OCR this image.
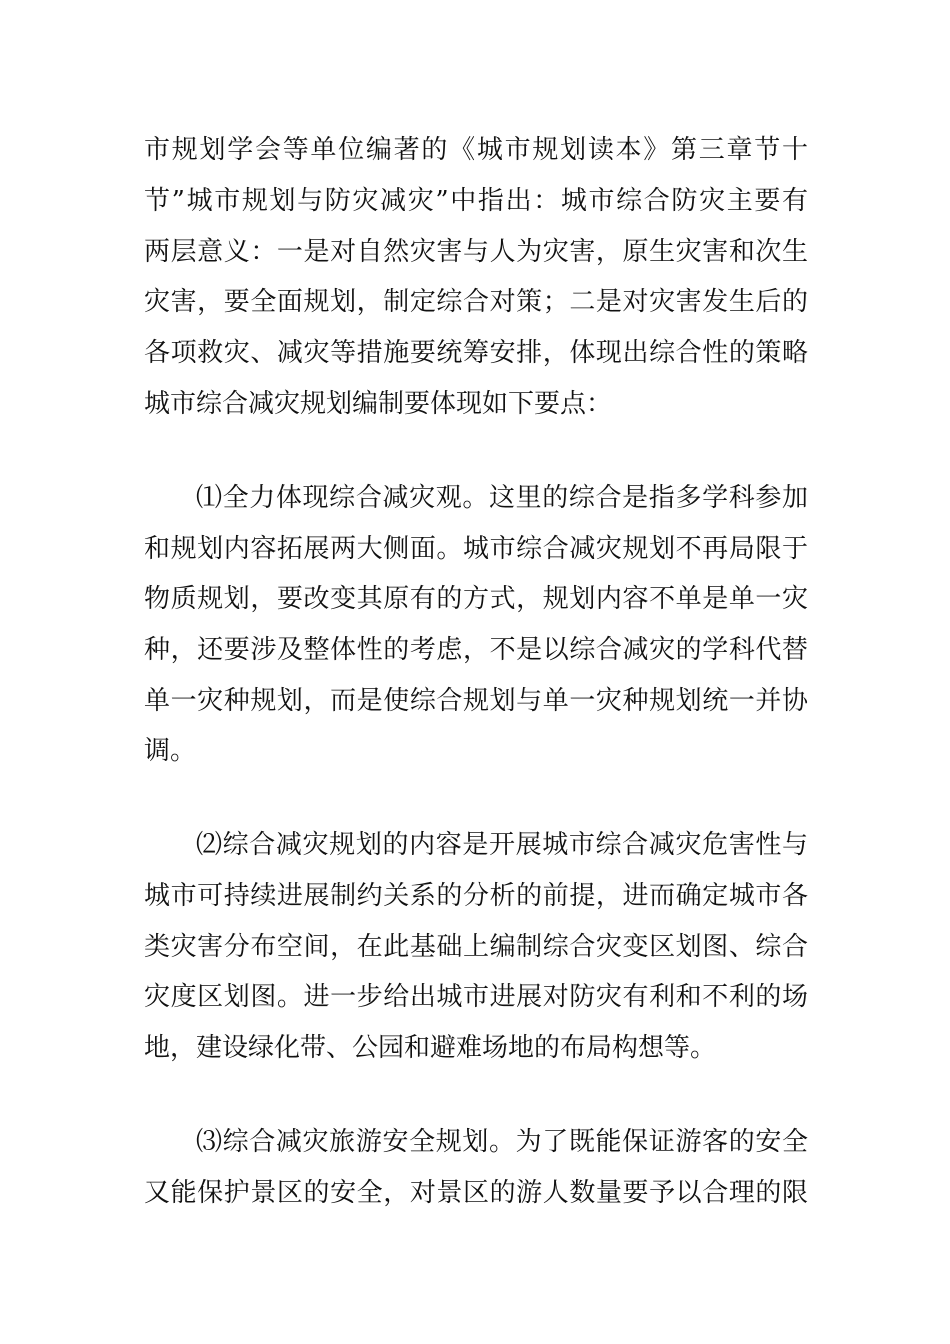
市规划学会等单位编著的《城市规划读本》第三章节十
节”城市规划与防灾减灾”中指出：城市综合防灾主要有
两层意义：一是对自然灾害与人为灾害，原生灾害和次生
灾害，要全面规划，制定综合对策；二是对灾害发生后的
各项救灾、减灾等措施要统筹安排，体现出综合性的策略
城市综合减灾规划编制要体现如下要点：
⑴全力体现综合减灾观。这里的综合是指多学科参加
和规划内容拓展两大侧面。城市综合减灾规划不再局限于
物质规划，要改变其原有的方式，规划内容不单是单一灾
种，还要涉及整体性的考虑，不是以综合减灾的学科代替
单一灾种规划，而是使综合规划与单一灾种规划统一并协
调。
⑵综合减灾规划的内容是开展城市综合减灾危害性与
城市可持续进展制约关系的分析的前提，进而确定城市各
类灾害分布空间，在此基础上编制综合灾变区划图、综合
灾度区划图。进一步给出城市进展对防灾有利和不利的场
地，建设绿化带、公园和避难场地的布局构想等。
⑶综合减灾旅游安全规划。为了既能保证游客的安全
又能保护景区的安全，对景区的游人数量要予以合理的限
